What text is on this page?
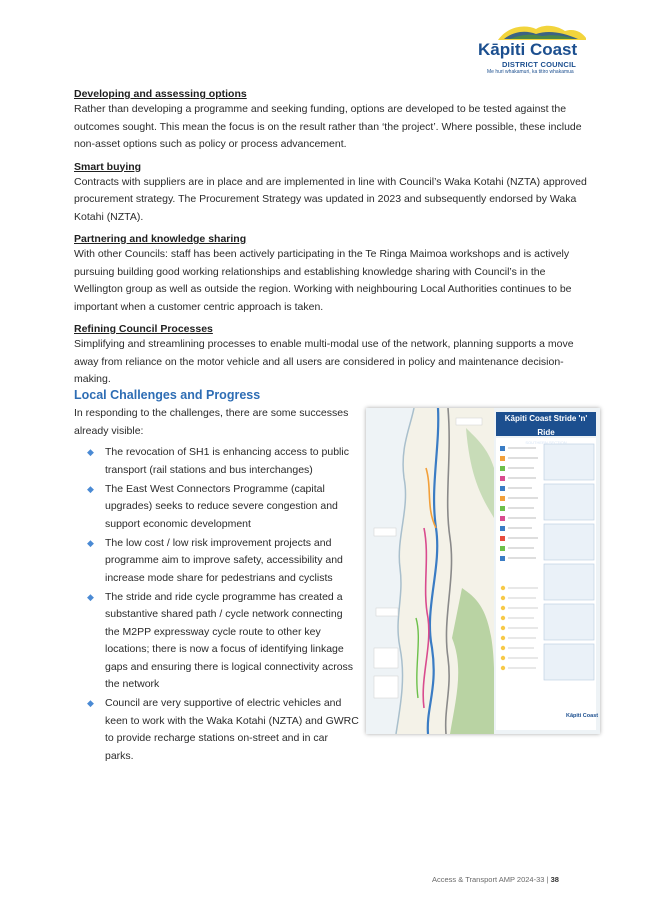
Kāpiti Coast
DISTRICT COUNCIL
Me huri whakamuri, ka titiro whakamua
Developing and assessing options

Rather than developing a programme and seeking funding, options are developed to be tested against the outcomes sought. This mean the focus is on the result rather than ‘the project’. Where possible, these include non-asset options such as policy or process advancement.

Smart buying

Contracts with suppliers are in place and are implemented in line with Council’s Waka Kotahi (NZTA) approved procurement strategy. The Procurement Strategy was updated in 2023 and subsequently endorsed by Waka Kotahi (NZTA).

Partnering and knowledge sharing

With other Councils: staff has been actively participating in the Te Ringa Maimoa workshops and is actively pursuing building good working relationships and establishing knowledge sharing with Council’s in the Wellington group as well as outside the region. Working with neighbouring Local Authorities continues to be important when a customer centric approach is taken.

Refining Council Processes

Simplifying and streamlining processes to enable multi-modal use of the network, planning supports a move away from reliance on the motor vehicle and all users are considered in policy and maintenance decision-making.

Local Challenges and Progress

In responding to the challenges, there are some successes already visible:

◆ The revocation of SH1 is enhancing access to public transport (rail stations and bus interchanges)
◆ The East West Connectors Programme (capital upgrades) seeks to reduce severe congestion and support economic development
◆ The low cost / low risk improvement projects and programme aim to improve safety, accessibility and increase mode share for pedestrians and cyclists
◆ The stride and ride cycle programme has created a substantive shared path / cycle network connecting the M2PP expressway cycle route to other key locations; there is now a focus of identifying linkage gaps and ensuring there is logical connectivity across the network
◆ Council are very supportive of electric vehicles and keen to work with the Waka Kotahi (NZTA) and GWRC to provide recharge stations on-street and in car parks.
Kāpiti Coast Stride 'n' Ride
SOUTHERN SECTION
Kāpiti Coast
Access & Transport AMP 2024-33 | 38
